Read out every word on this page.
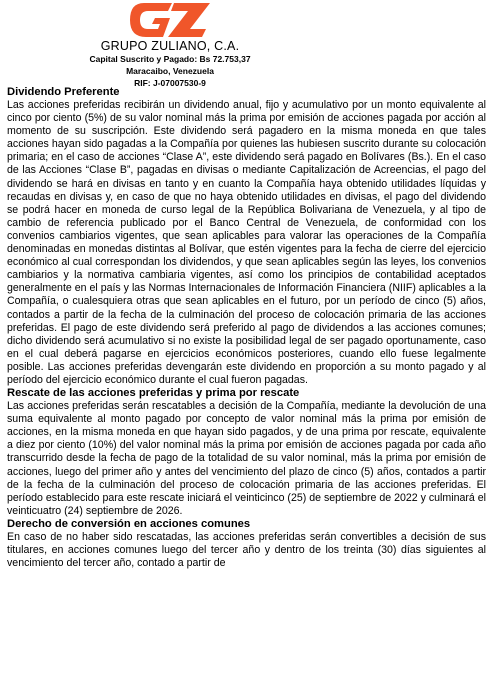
GRUPO ZULIANO, C.A.
Capital Suscrito y Pagado: Bs 72.753,37
Maracaibo, Venezuela
RIF: J-07007530-9
Dividendo Preferente

Las acciones preferidas recibirán un dividendo anual, fijo y acumulativo por un monto equivalente al cinco por ciento (5%) de su valor nominal más la prima por emisión de acciones pagada por acción al momento de su suscripción. Este dividendo será pagadero en la misma moneda en que tales acciones hayan sido pagadas a la Compañía por quienes las hubiesen suscrito durante su colocación primaria; en el caso de acciones “Clase A”, este dividendo será pagado en Bolívares (Bs.). En el caso de las Acciones “Clase B”, pagadas en divisas o mediante Capitalización de Acreencias, el pago del dividendo se hará en divisas en tanto y en cuanto la Compañía haya obtenido utilidades líquidas y recaudas en divisas y, en caso de que no haya obtenido utilidades en divisas, el pago del dividendo se podrá hacer en moneda de curso legal de la República Bolivariana de Venezuela, y al tipo de cambio de referencia publicado por el Banco Central de Venezuela, de conformidad con los convenios cambiarios vigentes, que sean aplicables para valorar las operaciones de la Compañía denominadas en monedas distintas al Bolívar, que estén vigentes para la fecha de cierre del ejercicio económico al cual correspondan los dividendos, y que sean aplicables según las leyes, los convenios cambiarios y la normativa cambiaria vigentes, así como los principios de contabilidad aceptados generalmente en el país y las Normas Internacionales de Información Financiera (NIIF) aplicables a la Compañía, o cualesquiera otras que sean aplicables en el futuro, por un período de cinco (5) años, contados a partir de la fecha de la culminación del proceso de colocación primaria de las acciones preferidas. El pago de este dividendo será preferido al pago de dividendos a las acciones comunes; dicho dividendo será acumulativo si no existe la posibilidad legal de ser pagado oportunamente, caso en el cual deberá pagarse en ejercicios económicos posteriores, cuando ello fuese legalmente posible. Las acciones preferidas devengarán este dividendo en proporción a su monto pagado y al período del ejercicio económico durante el cual fueron pagadas.

Rescate de las acciones preferidas y prima por rescate

Las acciones preferidas serán rescatables a decisión de la Compañía, mediante la devolución de una suma equivalente al monto pagado por concepto de valor nominal más la prima por emisión de acciones, en la misma moneda en que hayan sido pagados, y de una prima por rescate, equivalente a diez por ciento (10%) del valor nominal más la prima por emisión de acciones pagada por cada año transcurrido desde la fecha de pago de la totalidad de su valor nominal, más la prima por emisión de acciones, luego del primer año y antes del vencimiento del plazo de cinco (5) años, contados a partir de la fecha de la culminación del proceso de colocación primaria de las acciones preferidas. El período establecido para este rescate iniciará el veinticinco (25) de septiembre de 2022 y culminará el veinticuatro (24) septiembre de 2026.

Derecho de conversión en acciones comunes

En caso de no haber sido rescatadas, las acciones preferidas serán convertibles a decisión de sus titulares, en acciones comunes luego del tercer año y dentro de los treinta (30) días siguientes al vencimiento del tercer año, contado a partir de
